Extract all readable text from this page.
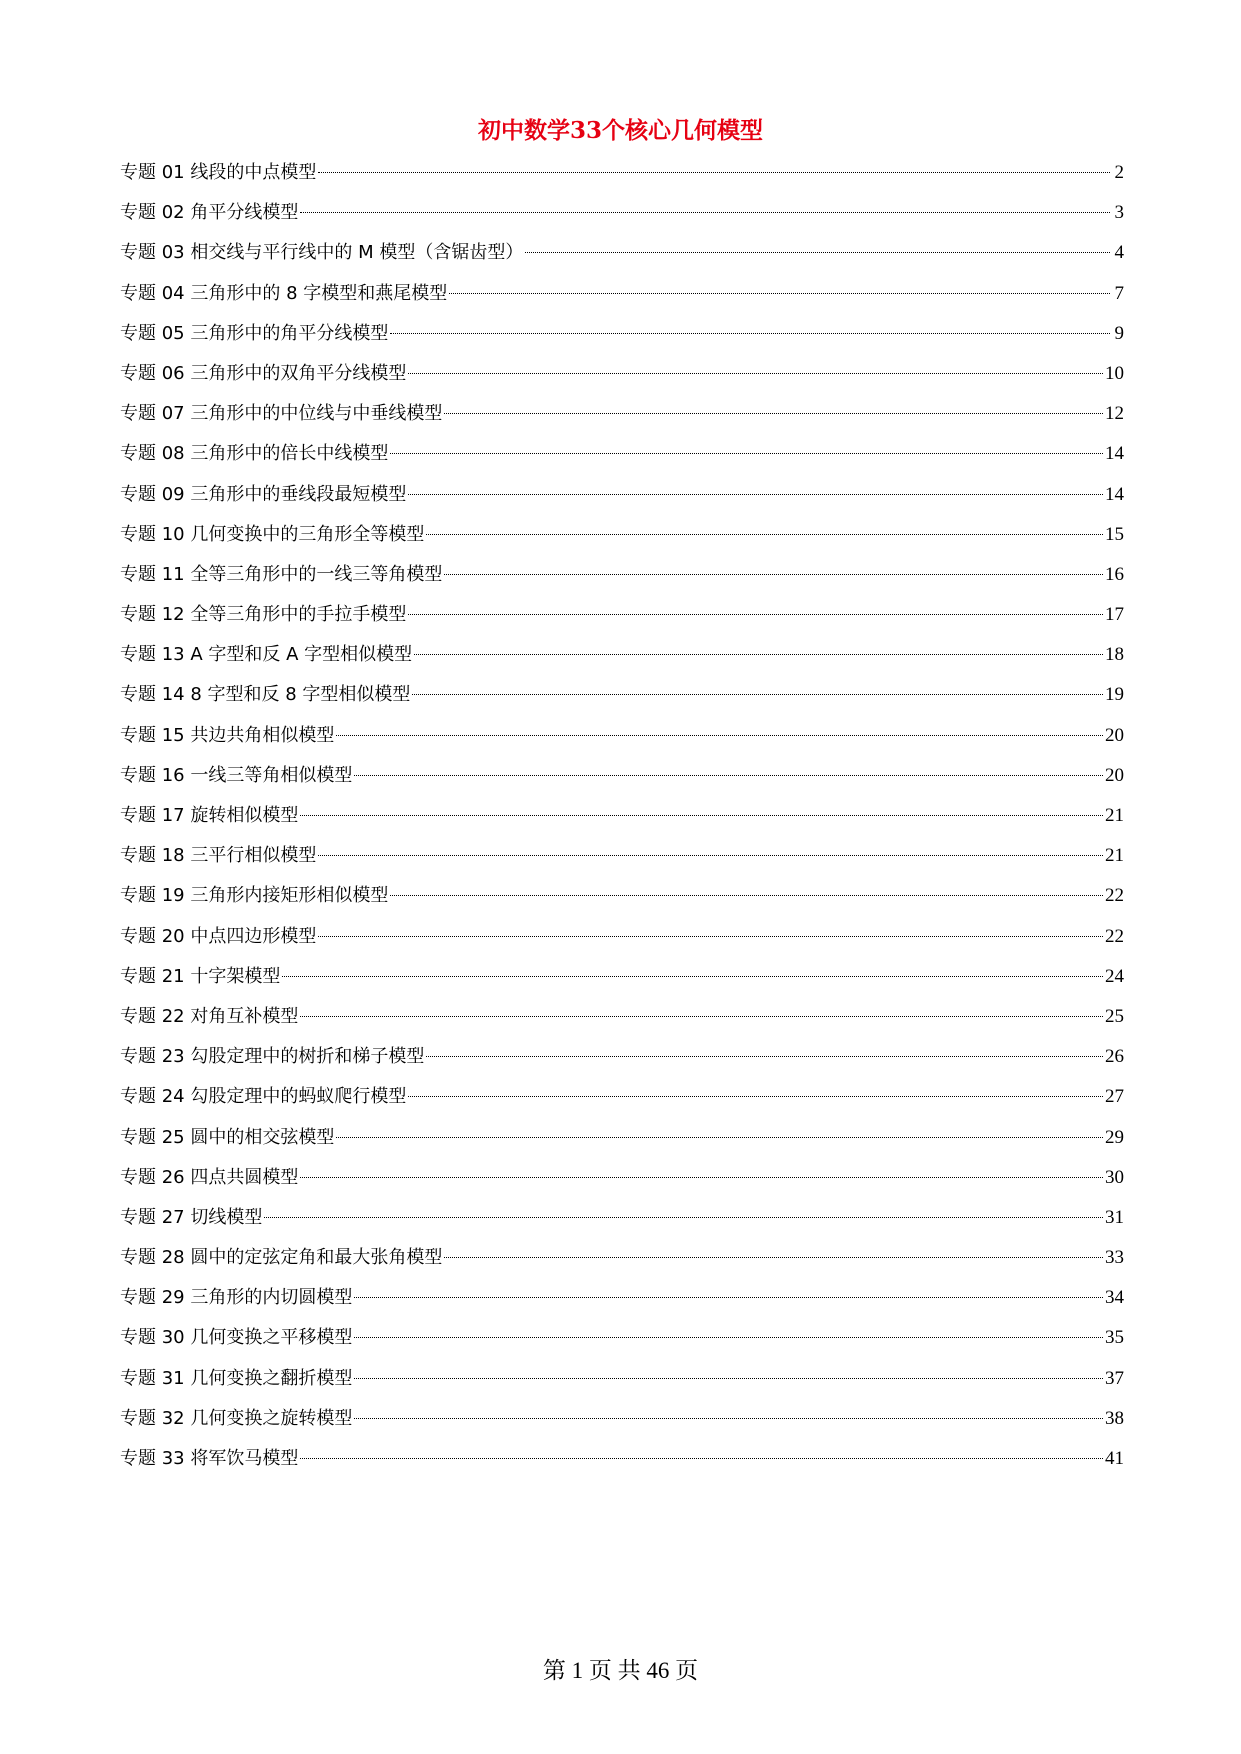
初中数学33个核心几何模型
专题 01 线段的中点模型	2
专题 02 角平分线模型	3
专题 03 相交线与平行线中的 M 模型（含锯齿型）	4
专题 04 三角形中的 8 字模型和燕尾模型	7
专题 05 三角形中的角平分线模型	9
专题 06 三角形中的双角平分线模型	10
专题 07 三角形中的中位线与中垂线模型	12
专题 08 三角形中的倍长中线模型	14
专题 09 三角形中的垂线段最短模型	14
专题 10 几何变换中的三角形全等模型	15
专题 11 全等三角形中的一线三等角模型	16
专题 12 全等三角形中的手拉手模型	17
专题 13 A 字型和反 A 字型相似模型	18
专题 14 8 字型和反 8 字型相似模型	19
专题 15 共边共角相似模型	20
专题 16 一线三等角相似模型	20
专题 17 旋转相似模型	21
专题 18 三平行相似模型	21
专题 19 三角形内接矩形相似模型	22
专题 20 中点四边形模型	22
专题 21 十字架模型	24
专题 22 对角互补模型	25
专题 23 勾股定理中的树折和梯子模型	26
专题 24 勾股定理中的蚂蚁爬行模型	27
专题 25 圆中的相交弦模型	29
专题 26 四点共圆模型	30
专题 27 切线模型	31
专题 28 圆中的定弦定角和最大张角模型	33
专题 29 三角形的内切圆模型	34
专题 30 几何变换之平移模型	35
专题 31 几何变换之翻折模型	37
专题 32 几何变换之旋转模型	38
专题 33 将军饮马模型	41
第 1 页 共 46 页
